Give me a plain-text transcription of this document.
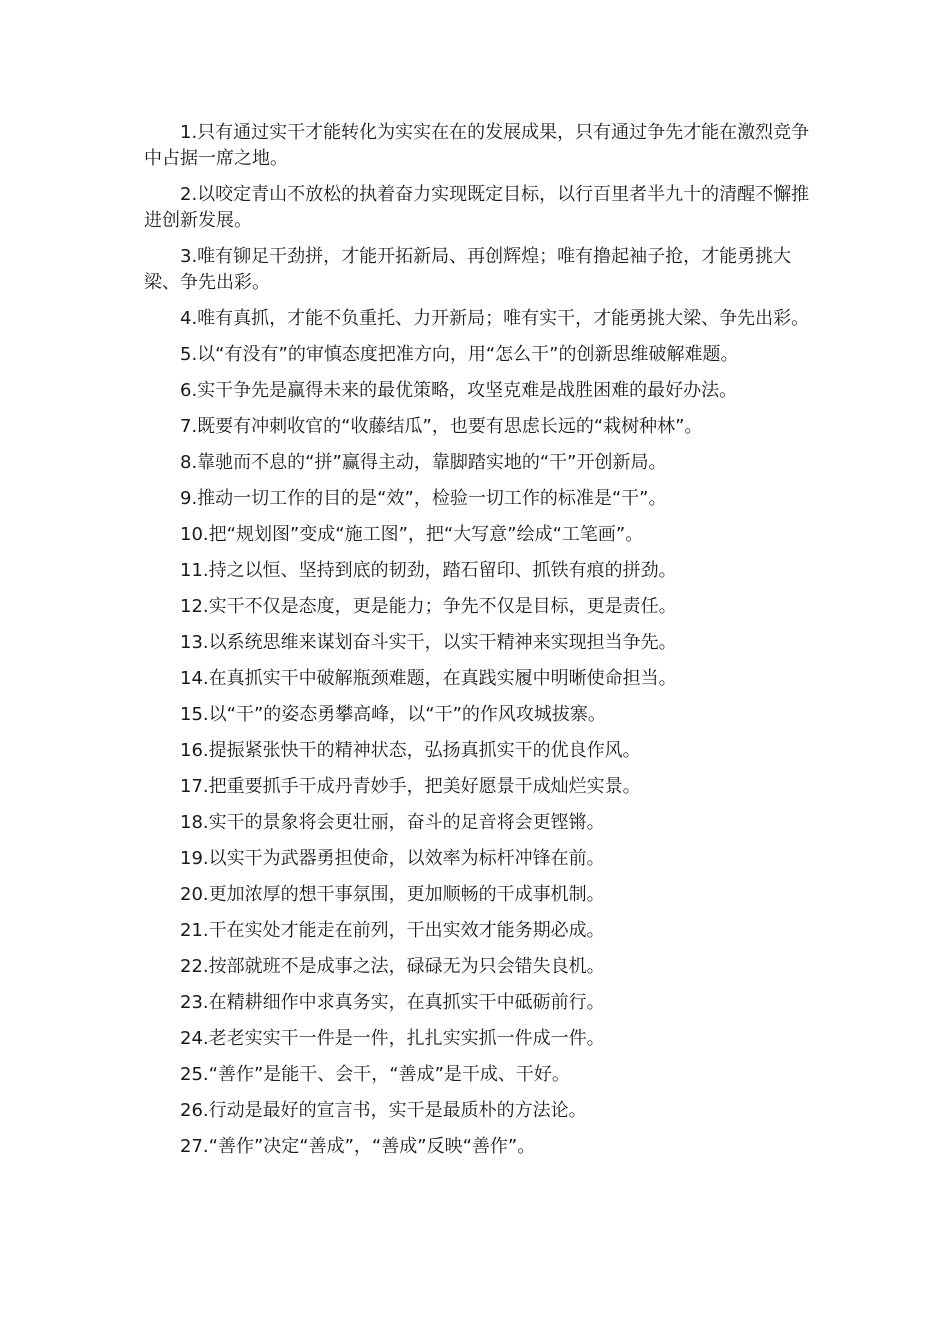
1.只有通过实干才能转化为实实在在的发展成果，只有通过争先才能在激烈竞争中占据一席之地。

2.以咬定青山不放松的执着奋力实现既定目标，以行百里者半九十的清醒不懈推进创新发展。

3.唯有铆足干劲拼，才能开拓新局、再创辉煌；唯有撸起袖子抢，才能勇挑大梁、争先出彩。

4.唯有真抓，才能不负重托、力开新局；唯有实干，才能勇挑大梁、争先出彩。

5.以“有没有”的审慎态度把准方向，用“怎么干”的创新思维破解难题。

6.实干争先是赢得未来的最优策略，攻坚克难是战胜困难的最好办法。

7.既要有冲刺收官的“收藤结瓜”，也要有思虑长远的“栽树种林”。

8.靠驰而不息的“拼”赢得主动，靠脚踏实地的“干”开创新局。

9.推动一切工作的目的是“效”，检验一切工作的标准是“干”。

10.把“规划图”变成“施工图”，把“大写意”绘成“工笔画”。

11.持之以恒、坚持到底的韧劲，踏石留印、抓铁有痕的拼劲。

12.实干不仅是态度，更是能力；争先不仅是目标，更是责任。

13.以系统思维来谋划奋斗实干，以实干精神来实现担当争先。

14.在真抓实干中破解瓶颈难题，在真践实履中明晰使命担当。

15.以“干”的姿态勇攀高峰，以“干”的作风攻城拔寨。

16.提振紧张快干的精神状态，弘扬真抓实干的优良作风。

17.把重要抓手干成丹青妙手，把美好愿景干成灿烂实景。

18.实干的景象将会更壮丽，奋斗的足音将会更铿锵。

19.以实干为武器勇担使命，以效率为标杆冲锋在前。

20.更加浓厚的想干事氛围，更加顺畅的干成事机制。

21.干在实处才能走在前列，干出实效才能务期必成。

22.按部就班不是成事之法，碌碌无为只会错失良机。

23.在精耕细作中求真务实，在真抓实干中砥砺前行。

24.老老实实干一件是一件，扎扎实实抓一件成一件。

25.“善作”是能干、会干，“善成”是干成、干好。

26.行动是最好的宣言书，实干是最质朴的方法论。

27.“善作”决定“善成”，“善成”反映“善作”。
